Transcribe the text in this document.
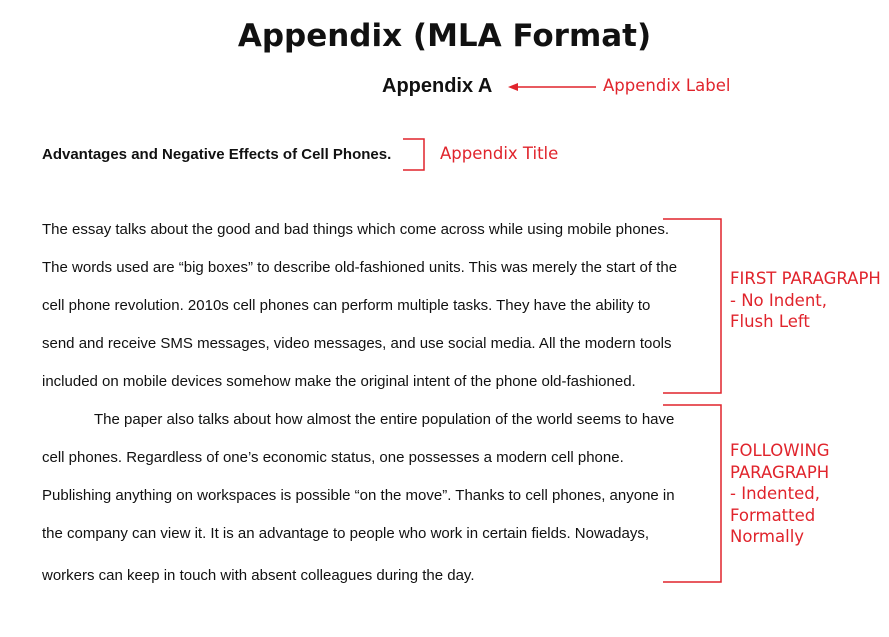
Appendix (MLA Format)
Appendix A
Advantages and Negative Effects of Cell Phones.
The essay talks about the good and bad things which come across while using mobile phones.
The words used are “big boxes” to describe old-fashioned units. This was merely the start of the
cell phone revolution. 2010s cell phones can perform multiple tasks. They have the ability to
send and receive SMS messages, video messages, and use social media. All the modern tools
included on mobile devices somehow make the original intent of the phone old-fashioned.
The paper also talks about how almost the entire population of the world seems to have
cell phones. Regardless of one’s economic status, one possesses a modern cell phone.
Publishing anything on workspaces is possible “on the move”. Thanks to cell phones, anyone in
the company can view it. It is an advantage to people who work in certain fields. Nowadays,
workers can keep in touch with absent colleagues during the day.
Appendix Label
Appendix Title
FIRST PARAGRAPH
- No Indent,
Flush Left
FOLLOWING
PARAGRAPH
- Indented,
Formatted
Normally
